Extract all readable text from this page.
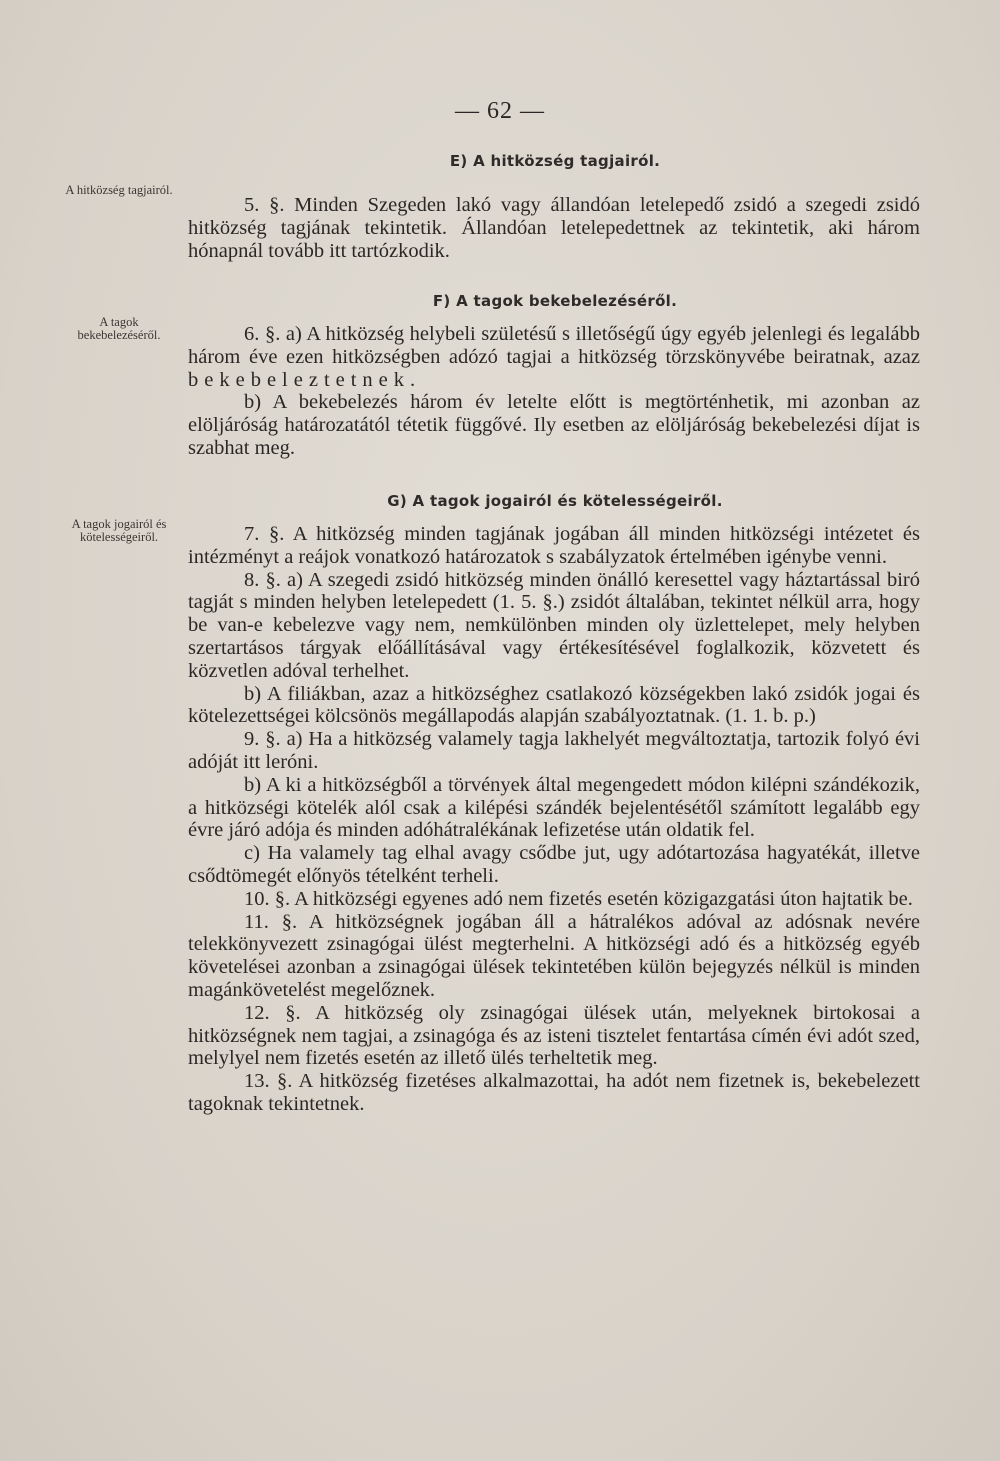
— 62 —
E) A hitközség tagjairól.
A hitközség tagjairól.

5. §. Minden Szegeden lakó vagy állandóan letelepedő zsidó a szegedi zsidó hitközség tagjának tekintetik. Állandóan letelepedettnek az tekintetik, aki három hónapnál tovább itt tartózkodik.

F) A tagok bekebelezéséről.
A tagok bekebelezéséről.	6. §. a) A hitközség helybeli születésű s illetőségű úgy egyéb jelenlegi és legalább három éve ezen hitközségben adózó tagjai a hitközség törzskönyvébe beiratnak, azaz bekebeleztetnek.

b) A bekebelezés három év letelte előtt is megtörténhetik, mi azonban az elöljáróság határozatától tétetik függővé. Ily esetben az elöljáróság bekebelezési díjat is szabhat meg.

G) A tagok jogairól és kötelességeiről.
A tagok jogairól és kötelességeiről.	7. §. A hitközség minden tagjának jogában áll minden hitközségi intézetet és intézményt a reájok vonatkozó határozatok s szabályzatok értelmében igénybe venni.

8. §. a) A szegedi zsidó hitközség minden önálló keresettel vagy háztartással biró tagját s minden helyben letelepedett (1. 5. §.) zsidót általában, tekintet nélkül arra, hogy be van-e kebelezve vagy nem, nemkülönben minden oly üzlettelepet, mely helyben szertartásos tárgyak előállításával vagy értékesítésével foglalkozik, közvetett és közvetlen adóval terhelhet.

b) A filiákban, azaz a hitközséghez csatlakozó községekben lakó zsidók jogai és kötelezettségei kölcsönös megállapodás alapján szabályoztatnak. (1. 1. b. p.)

9. §. a) Ha a hitközség valamely tagja lakhelyét megváltoztatja, tartozik folyó évi adóját itt leróni.

b) A ki a hitközségből a törvények által megengedett módon kilépni szándékozik, a hitközségi kötelék alól csak a kilépési szándék bejelentésétől számított legalább egy évre járó adója és minden adóhátralékának lefizetése után oldatik fel.

c) Ha valamely tag elhal avagy csődbe jut, ugy adótartozása hagyatékát, illetve csődtömegét előnyös tételként terheli.

10. §. A hitközségi egyenes adó nem fizetés esetén közigazgatási úton hajtatik be.

11. §. A hitközségnek jogában áll a hátralékos adóval az adósnak nevére telekkönyvezett zsinagógai ülést megterhelni. A hitközségi adó és a hitközség egyéb követelései azonban a zsinagógai ülések tekintetében külön bejegyzés nélkül is minden magánkövetelést megelőznek.

12. §. A hitközség oly zsinagógai ülések után, melyeknek birtokosai a hitközségnek nem tagjai, a zsinagóga és az isteni tisztelet fentartása címén évi adót szed, melylyel nem fizetés esetén az illető ülés terheltetik meg.

13. §. A hitközség fizetéses alkalmazottai, ha adót nem fizetnek is, bekebelezett tagoknak tekintetnek.
